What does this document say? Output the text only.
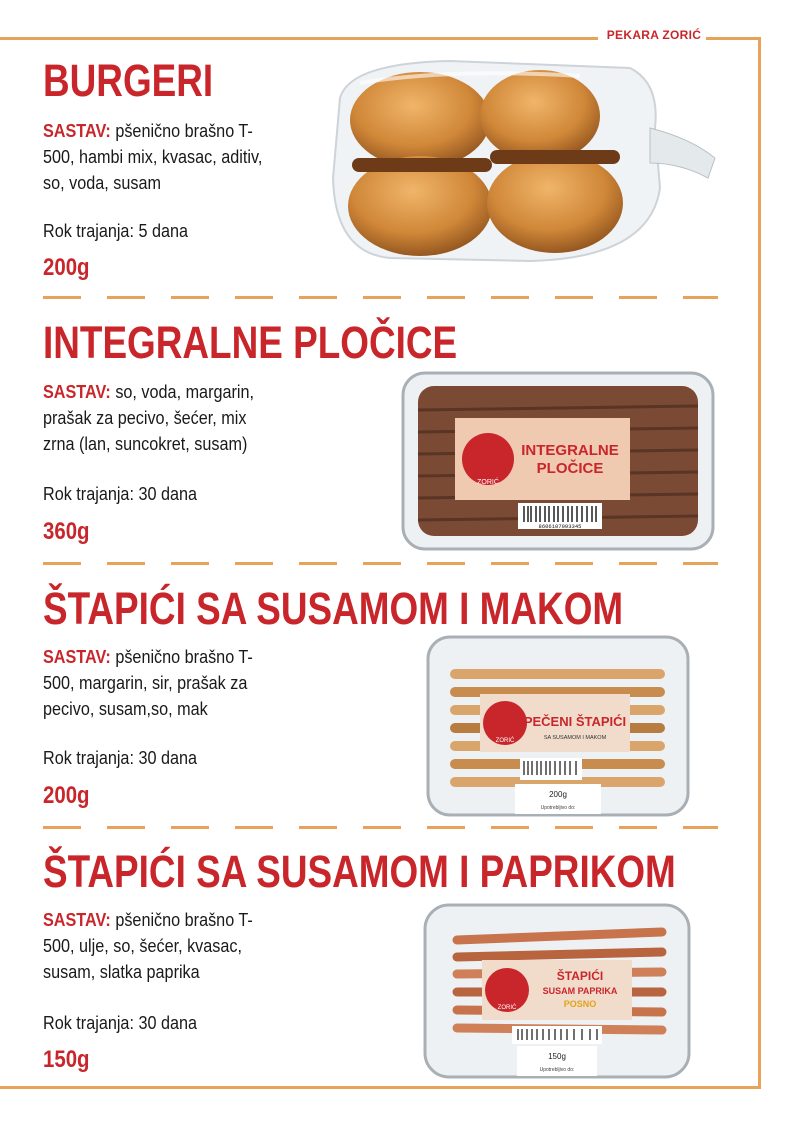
PEKARA ZORIĆ
BURGERI
SASTAV: pšenično brašno T-500, hambi mix, kvasac, aditiv, so, voda, susam
Rok trajanja: 5 dana
200g
INTEGRALNE PLOČICE
SASTAV: so, voda, margarin, prašak za pecivo, šećer, mix zrna (lan, suncokret, susam)
Rok trajanja: 30 dana
360g
ZORIĆ
INTEGRALNE
PLOČICE
8606107093345
ŠTAPIĆI SA SUSAMOM I MAKOM
SASTAV: pšenično brašno T-500, margarin, sir, prašak za pecivo, susam,so, mak
Rok trajanja: 30 dana
200g
ZORIĆ
PEČENI ŠTAPIĆI
SA SUSAMOM I MAKOM
200g
Upotrebljivo do:
ŠTAPIĆI SA SUSAMOM I PAPRIKOM
SASTAV: pšenično brašno T-500, ulje, so, šećer, kvasac, susam, slatka paprika
Rok trajanja: 30 dana
150g
ZORIĆ
ŠTAPIĆI
SUSAM PAPRIKA
POSNO
150g
Upotrebljivo do:
